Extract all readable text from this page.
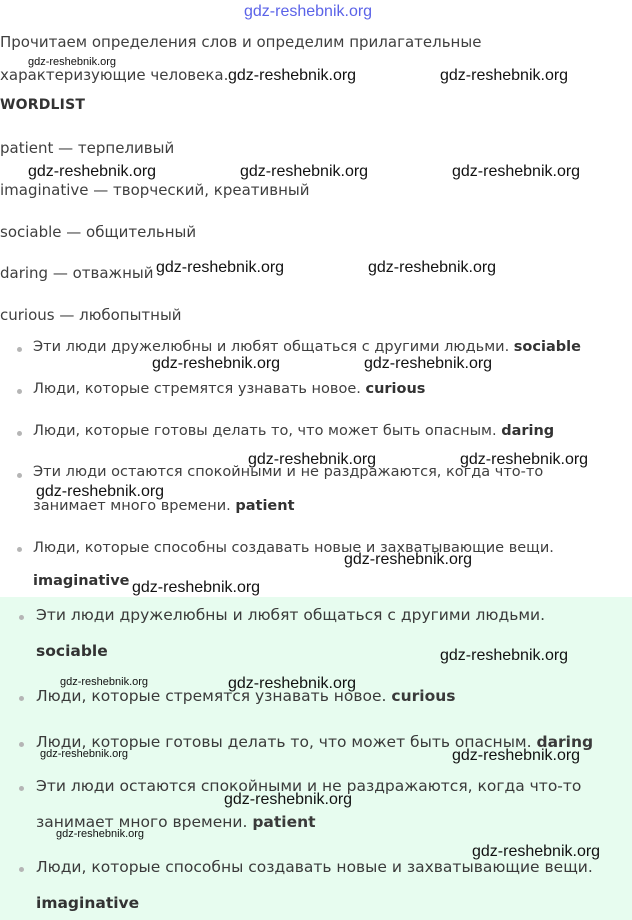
Прочитаем определения слов и определим прилагательные
характеризующие человека.
WORDLIST
patient — терпеливый
imaginative — творческий, креативный
sociable — общительный
daring — отважный
curious — любопытный
Эти люди дружелюбны и любят общаться с другими людьми. sociable
Люди, которые стремятся узнавать новое. curious
Люди, которые готовы делать то, что может быть опасным. daring
Эти люди остаются спокойными и не раздражаются, когда что-то
занимает много времени. patient
Люди, которые способны создавать новые и захватывающие вещи.
imaginative
Эти люди дружелюбны и любят общаться с другими людьми.
sociable
Люди, которые стремятся узнавать новое. curious
Люди, которые готовы делать то, что может быть опасным. daring
Эти люди остаются спокойными и не раздражаются, когда что-то
занимает много времени. patient
Люди, которые способны создавать новые и захватывающие вещи.
imaginative
gdz-reshebnik.org
gdz-reshebnik.org
gdz-reshebnik.org	gdz-reshebnik.org
gdz-reshebnik.org	gdz-reshebnik.org	gdz-reshebnik.org
gdz-reshebnik.org	gdz-reshebnik.org
gdz-reshebnik.org	gdz-reshebnik.org
gdz-reshebnik.org	gdz-reshebnik.org
gdz-reshebnik.org
gdz-reshebnik.org
gdz-reshebnik.org
gdz-reshebnik.org
gdz-reshebnik.org	gdz-reshebnik.org
gdz-reshebnik.org	gdz-reshebnik.org
gdz-reshebnik.org
gdz-reshebnik.org
gdz-reshebnik.org
